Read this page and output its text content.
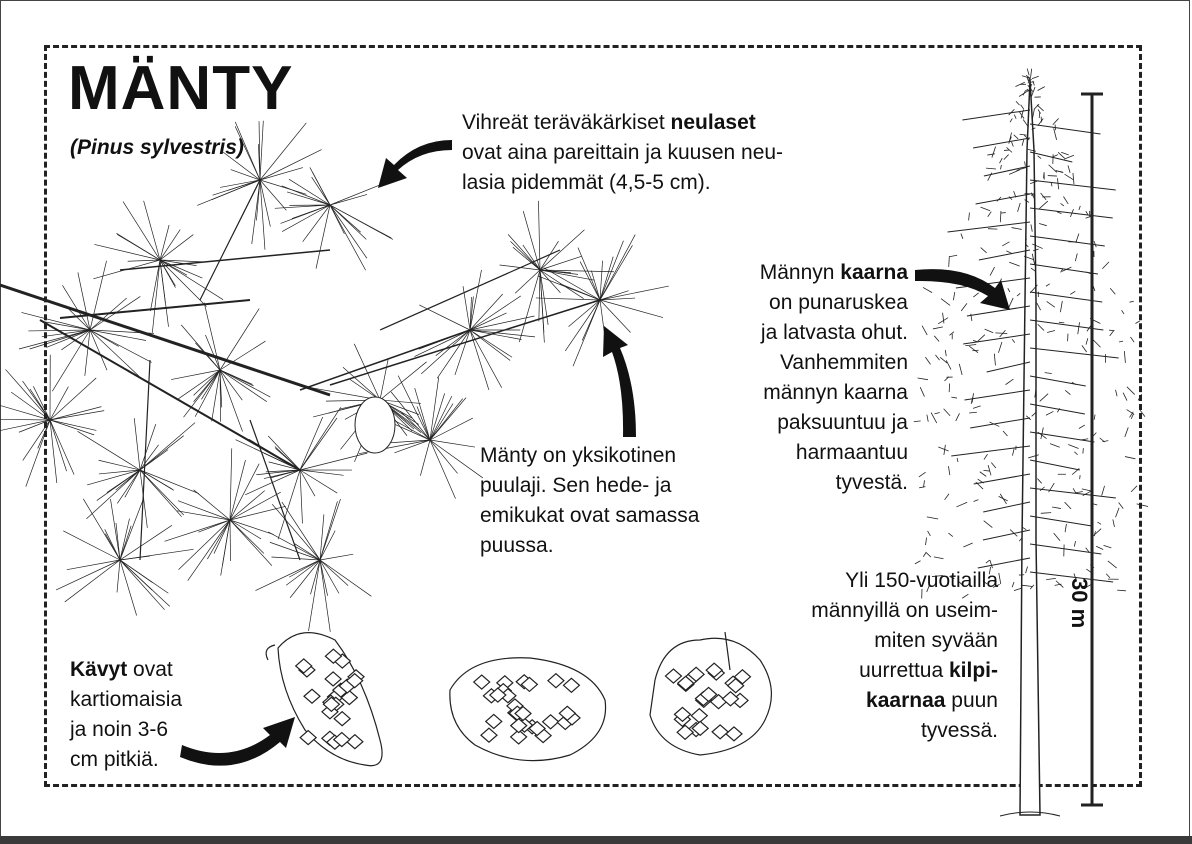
MÄNTY
(Pinus sylvestris)
Vihreät teräväkärkiset neulaset
ovat aina pareittain ja kuusen neu-
lasia pidemmät (4,5-5 cm).
Mänty on yksikotinen
puulaji. Sen hede- ja
emikukat ovat samassa
puussa.
Männyn kaarna
on punaruskea
ja latvasta ohut.
Vanhemmiten
männyn kaarna
paksuuntuu ja
harmaantuu
tyvestä.
Yli 150-vuotiailla
männyillä on useim-
miten syvään
uurrettua kilpi-
kaarnaa puun
tyvessä.
Kävyt ovat
kartiomaisia
ja noin 3-6
cm pitkiä.
30 m
